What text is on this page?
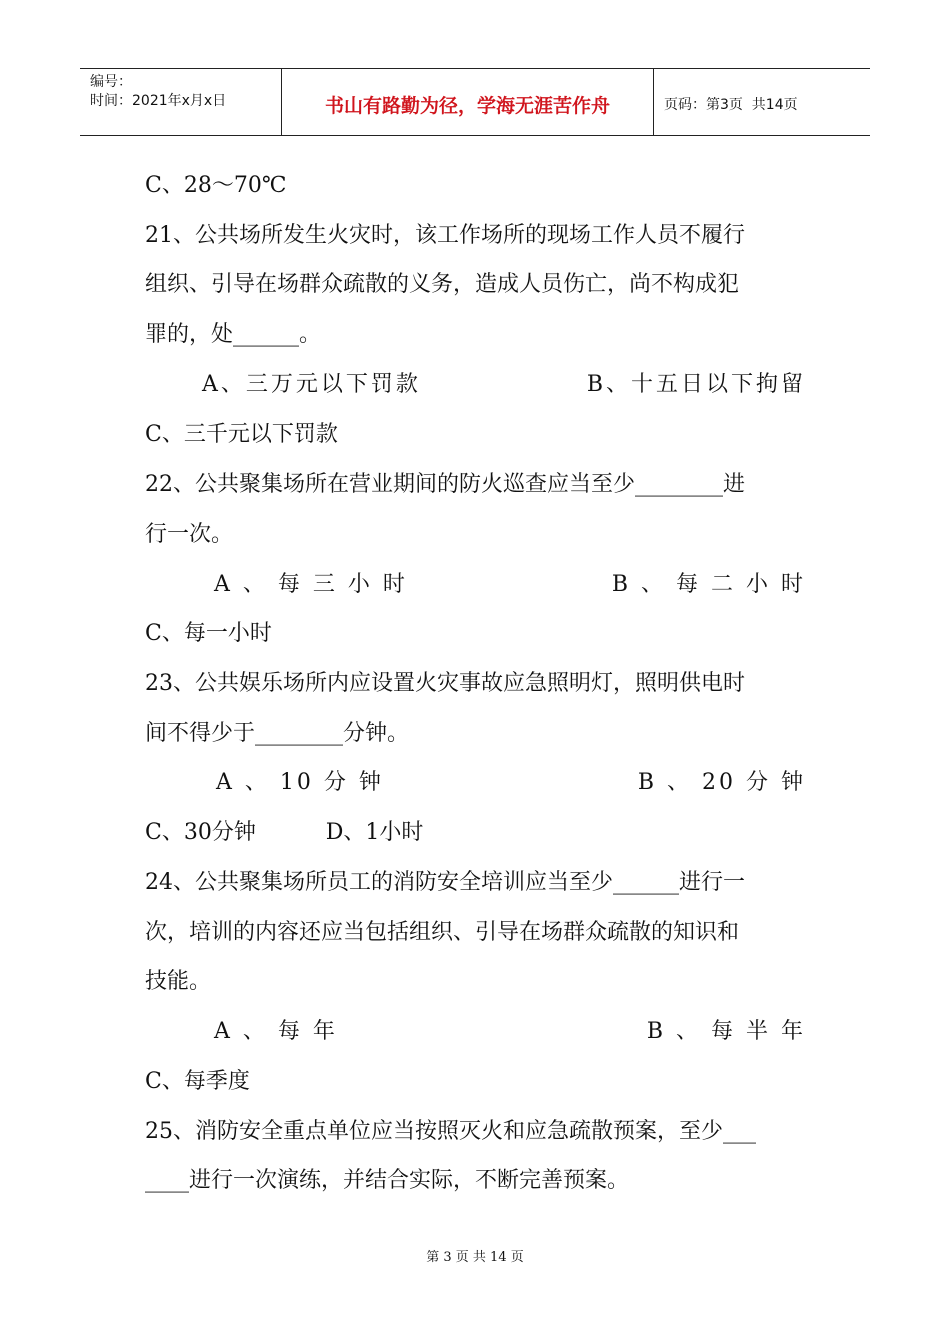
编号：
时间：2021年x月x日	书山有路勤为径，学海无涯苦作舟	页码：第3页  共14页
C、28～70℃
21、公共场所发生火灾时，该工作场所的现场工作人员不履行
组织、引导在场群众疏散的义务，造成人员伤亡，尚不构成犯
罪的，处______。
A、三万元以下罚款	B、十五日以下拘留
C、三千元以下罚款
22、公共聚集场所在营业期间的防火巡查应当至少________进
行一次。
A 、 每 三 小 时	B 、 每 二 小 时
C、每一小时
23、公共娱乐场所内应设置火灾事故应急照明灯，照明供电时
间不得少于________分钟。
A 、 10 分 钟	B 、 20 分 钟
C、30分钟          D、1小时
24、公共聚集场所员工的消防安全培训应当至少______进行一
次，培训的内容还应当包括组织、引导在场群众疏散的知识和
技能。
A 、 每 年	B 、 每 半 年
C、每季度
25、消防安全重点单位应当按照灭火和应急疏散预案，至少___
____进行一次演练，并结合实际，不断完善预案。
第 3 页 共 14 页
